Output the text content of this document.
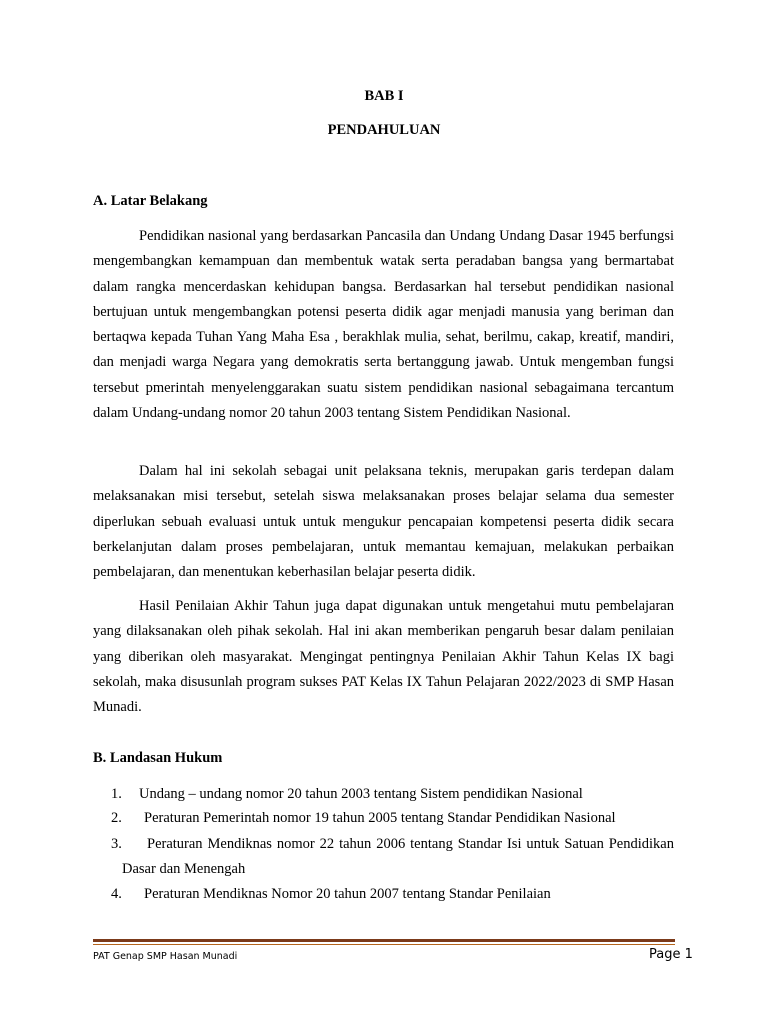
BAB I
PENDAHULUAN
A. Latar Belakang

Pendidikan nasional yang berdasarkan Pancasila dan Undang Undang Dasar 1945 berfungsi mengembangkan kemampuan dan membentuk watak serta peradaban bangsa yang bermartabat dalam rangka mencerdaskan kehidupan bangsa. Berdasarkan hal tersebut pendidikan nasional bertujuan untuk mengembangkan potensi peserta didik agar menjadi manusia yang beriman dan bertaqwa kepada Tuhan Yang Maha Esa , berakhlak mulia, sehat, berilmu, cakap, kreatif, mandiri, dan menjadi warga Negara yang demokratis serta bertanggung jawab. Untuk mengemban fungsi tersebut pmerintah menyelenggarakan suatu sistem pendidikan nasional sebagaimana tercantum dalam Undang-undang nomor 20 tahun 2003 tentang Sistem Pendidikan Nasional.

Dalam hal ini sekolah sebagai unit pelaksana teknis, merupakan garis terdepan dalam melaksanakan misi tersebut, setelah siswa melaksanakan proses belajar selama dua semester diperlukan sebuah evaluasi untuk untuk mengukur pencapaian kompetensi peserta didik secara berkelanjutan dalam proses pembelajaran, untuk memantau kemajuan, melakukan perbaikan pembelajaran, dan menentukan keberhasilan belajar peserta didik.

Hasil Penilaian Akhir Tahun juga dapat digunakan untuk mengetahui mutu pembelajaran yang dilaksanakan oleh pihak sekolah. Hal ini akan memberikan pengaruh besar dalam penilaian yang diberikan oleh masyarakat. Mengingat pentingnya Penilaian Akhir Tahun Kelas IX bagi sekolah, maka disusunlah program sukses PAT Kelas IX Tahun Pelajaran 2022/2023 di SMP Hasan Munadi.

B. Landasan Hukum
1.	Undang – undang nomor 20 tahun 2003 tentang Sistem pendidikan Nasional
2.	Peraturan Pemerintah nomor 19 tahun 2005 tentang Standar Pendidikan Nasional
3.	Peraturan Mendiknas nomor 22 tahun 2006 tentang Standar Isi untuk Satuan Pendidikan Dasar dan Menengah
4.	Peraturan Mendiknas Nomor 20 tahun 2007 tentang Standar Penilaian
PAT Genap SMP Hasan Munadi	Page 1
